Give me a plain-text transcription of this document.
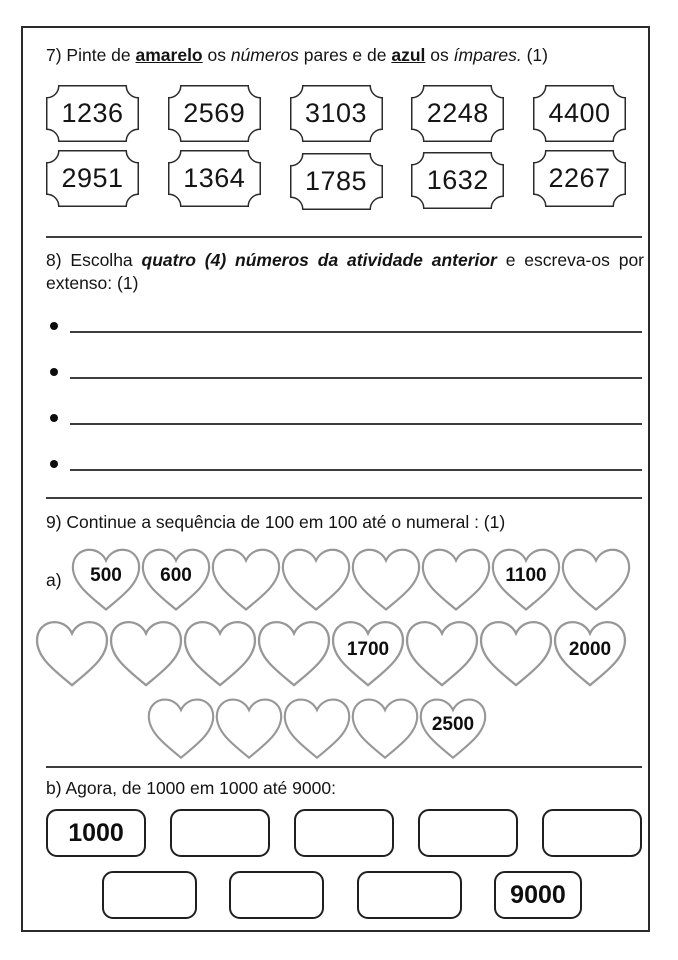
7) Pinte de amarelo os números pares e de azul os ímpares. (1)

1236	2569	3103	2248	4400
2951	1364	1785	1632	2267

8) Escolha quatro (4) números da atividade anterior e escreva-os por extenso: (1)

9) Continue a sequência de 100 em 100 até o numeral : (1)

a)	500	600	1100
1700	2000
2500

b) Agora, de 1000 em 1000 até 9000:

1000
9000
